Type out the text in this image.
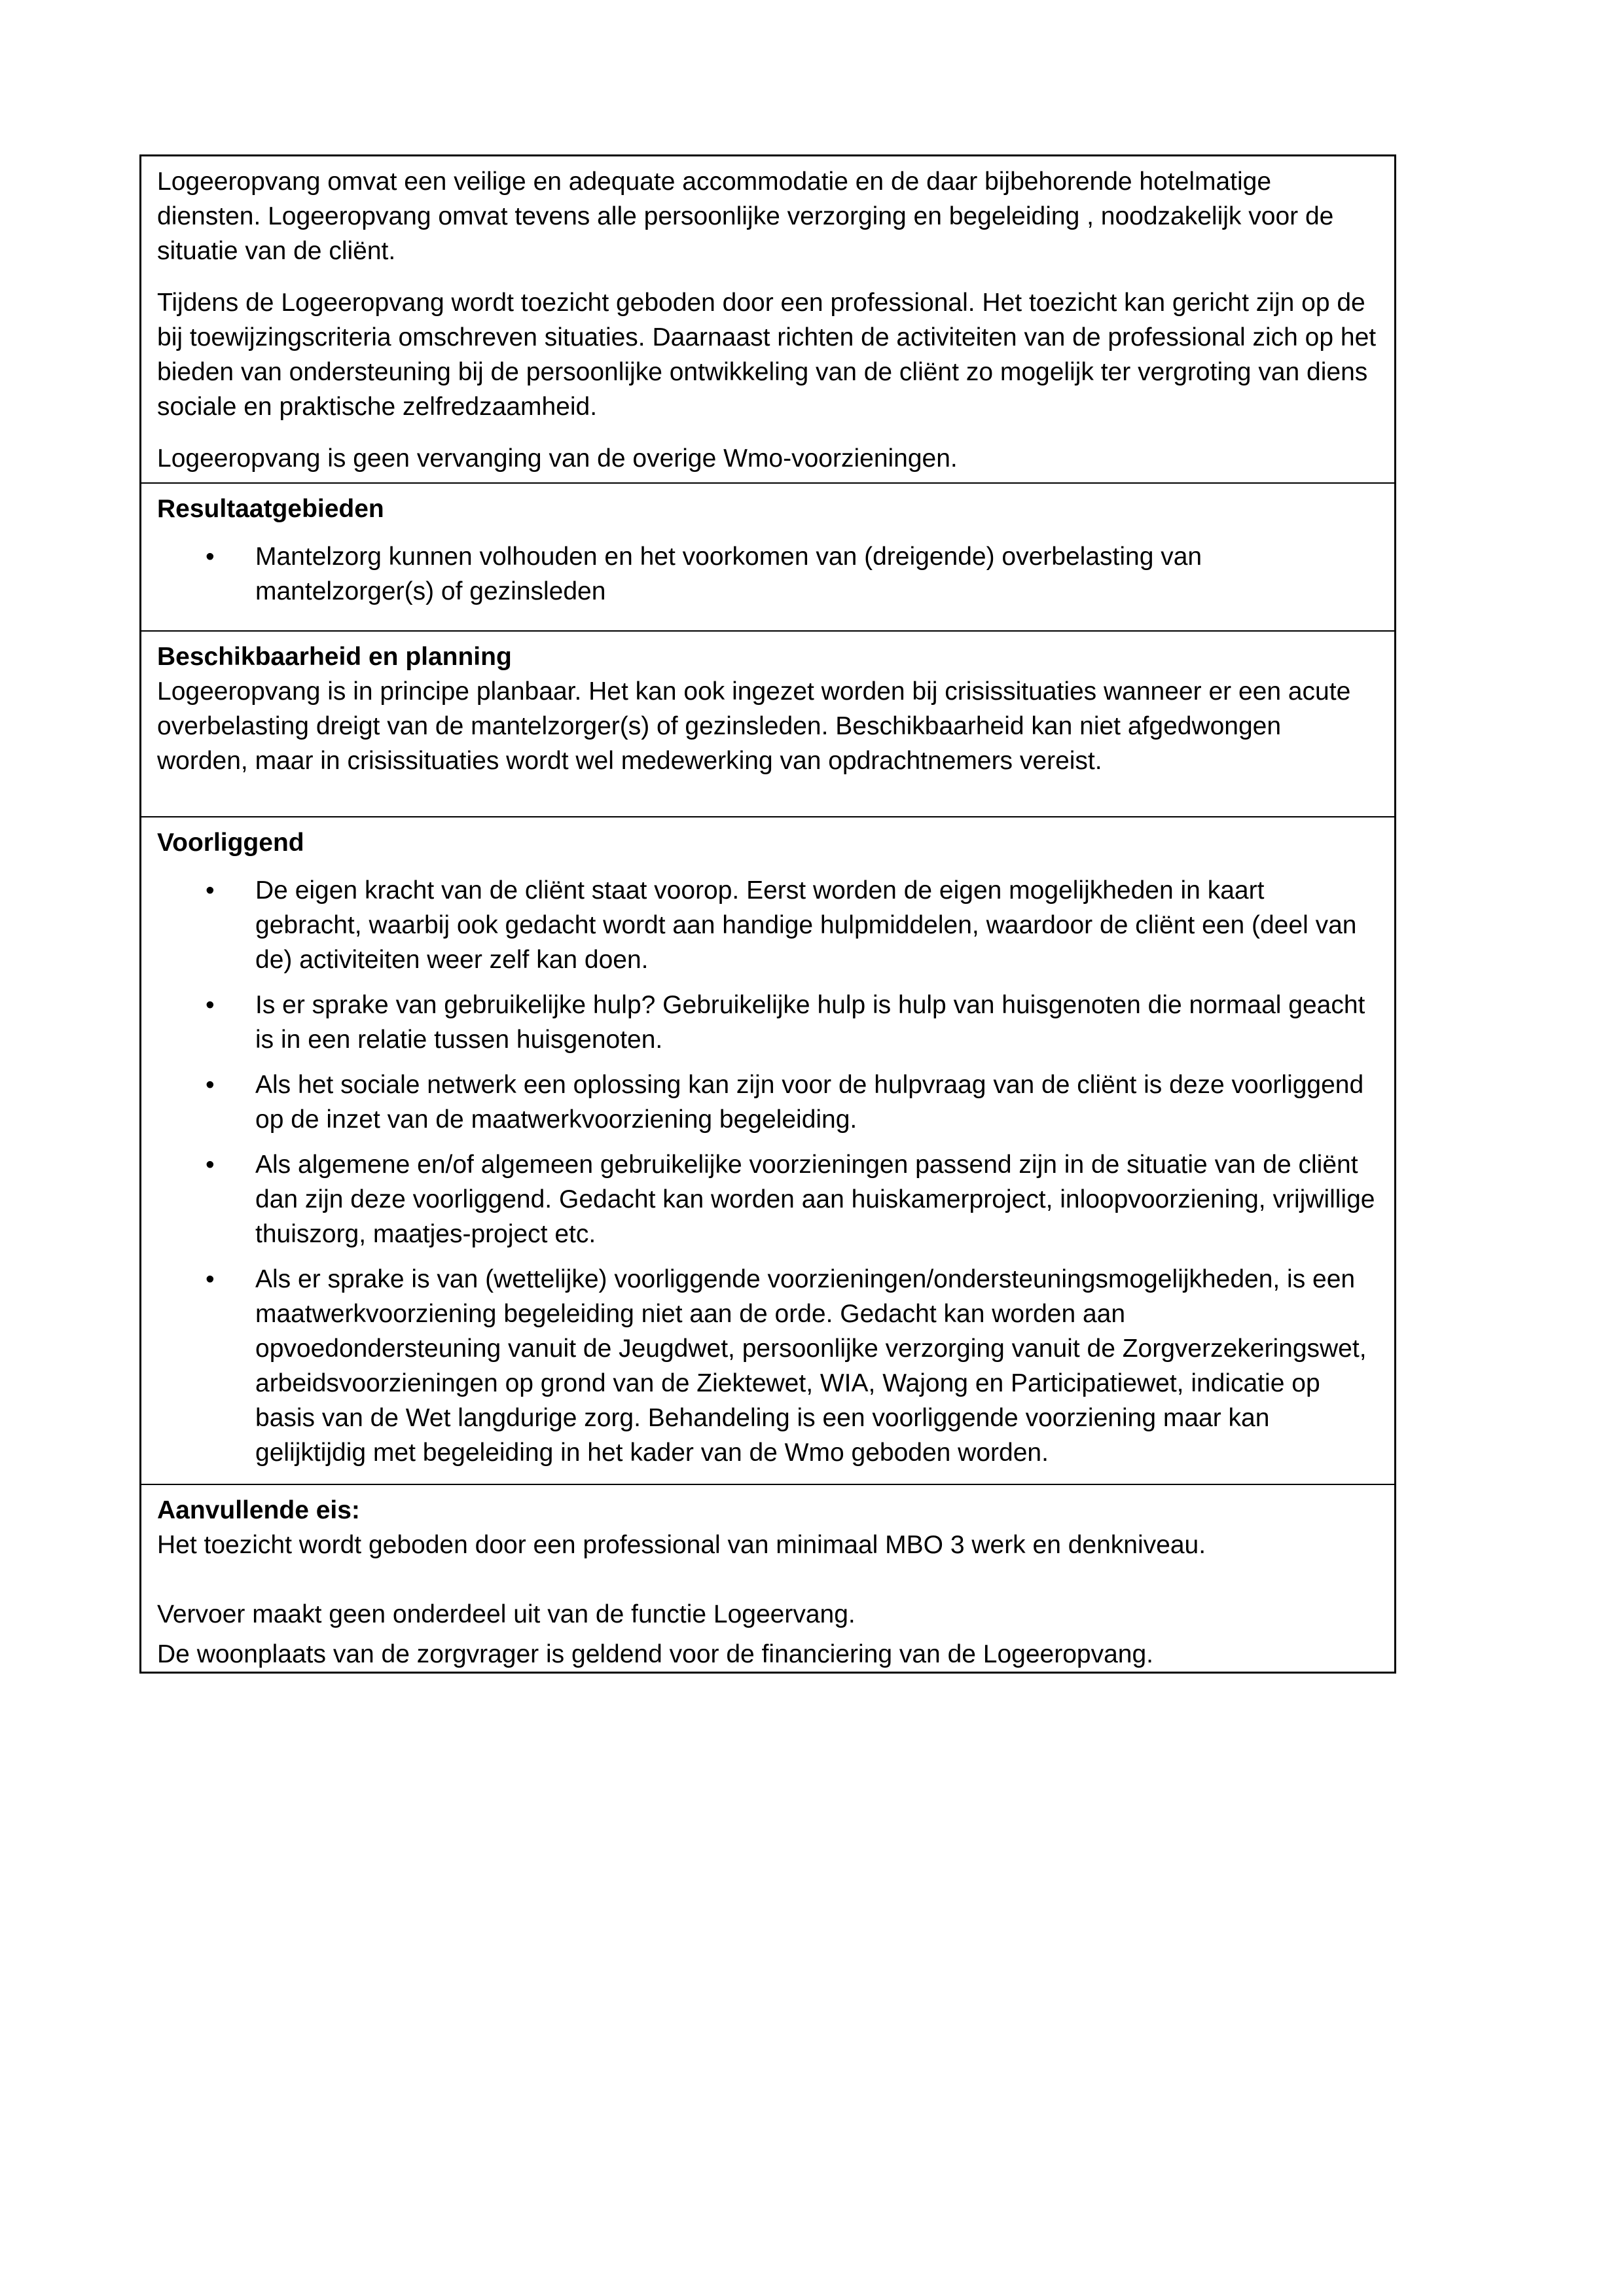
Logeeropvang omvat een veilige en adequate accommodatie en de daar bijbehorende hotelmatige diensten. Logeeropvang omvat tevens alle persoonlijke verzorging en begeleiding , noodzakelijk voor de situatie van de cliënt.

Tijdens de Logeeropvang wordt toezicht geboden door een professional. Het toezicht kan gericht zijn op de bij toewijzingscriteria omschreven situaties. Daarnaast richten de activiteiten van de professional zich op het bieden van ondersteuning bij de persoonlijke ontwikkeling van de cliënt zo mogelijk ter vergroting van diens sociale en praktische zelfredzaamheid.

Logeeropvang is geen vervanging van de overige Wmo-voorzieningen.

Resultaatgebieden
• Mantelzorg kunnen volhouden en het voorkomen van (dreigende) overbelasting van mantelzorger(s) of gezinsleden
Beschikbaarheid en planning

Logeeropvang is in principe planbaar. Het kan ook ingezet worden bij crisissituaties wanneer er een acute overbelasting dreigt van de mantelzorger(s) of gezinsleden. Beschikbaarheid kan niet afgedwongen worden, maar in crisissituaties wordt wel medewerking van opdrachtnemers vereist.

Voorliggend
• De eigen kracht van de cliënt staat voorop. Eerst worden de eigen mogelijkheden in kaart gebracht, waarbij ook gedacht wordt aan handige hulpmiddelen, waardoor de cliënt een (deel van de) activiteiten weer zelf kan doen.
• Is er sprake van gebruikelijke hulp? Gebruikelijke hulp is hulp van huisgenoten die normaal geacht is in een relatie tussen huisgenoten.
• Als het sociale netwerk een oplossing kan zijn voor de hulpvraag van de cliënt is deze voorliggend op de inzet van de maatwerkvoorziening begeleiding.
• Als algemene en/of algemeen gebruikelijke voorzieningen passend zijn in de situatie van de cliënt dan zijn deze voorliggend. Gedacht kan worden aan huiskamerproject, inloopvoorziening, vrijwillige thuiszorg, maatjes-project etc.
• Als er sprake is van (wettelijke) voorliggende voorzieningen/ondersteuningsmogelijkheden, is een maatwerkvoorziening begeleiding niet aan de orde. Gedacht kan worden aan opvoedondersteuning vanuit de Jeugdwet, persoonlijke verzorging vanuit de Zorgverzekeringswet, arbeidsvoorzieningen op grond van de Ziektewet, WIA, Wajong en Participatiewet, indicatie op basis van de Wet langdurige zorg. Behandeling is een voorliggende voorziening maar kan gelijktijdig met begeleiding in het kader van de Wmo geboden worden.
Aanvullende eis:

Het toezicht wordt geboden door een professional van minimaal MBO 3 werk en denkniveau.

Vervoer maakt geen onderdeel uit van de functie Logeervang.

De woonplaats van de zorgvrager is geldend voor de financiering van de Logeeropvang.
